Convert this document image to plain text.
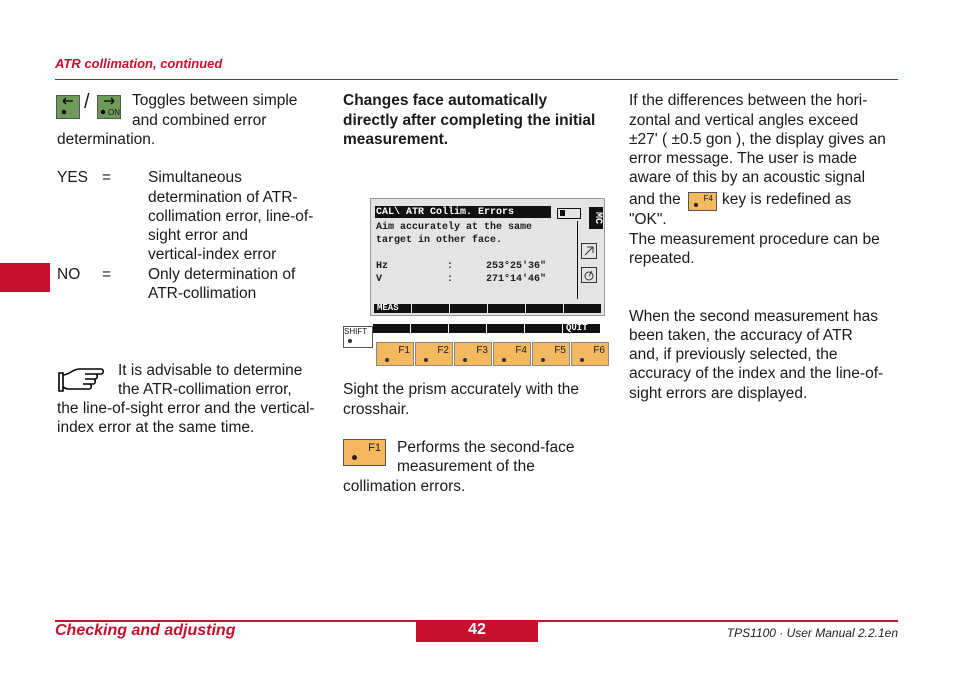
ATR collimation, continued
/ ON
Toggles between simple
and combined error
determination.
YES = Simultaneous
determination of ATR-
collimation error, line-of-
sight error and
vertical-index error
NO = Only determination of
ATR-collimation
It is advisable to determine
the ATR-collimation error,
the line-of-sight error and the vertical-
index error at the same time.
Changes face automatically
directly after completing the initial
measurement.
CAL\ ATR Collim. Errors	MC
Aim accurately at the same
target in other face.
Hz	:	253°25'36"
V	:	271°14'46"
MEAS
QUIT
SHIFT
F1	F2	F3	F4	F5	F6
Sight the prism accurately with the
crosshair.
F1 Performs the second-face
measurement of the
collimation errors.
If the differences between the hori-
zontal and vertical angles exceed
±27' ( ±0.5 gon ), the display gives an
error message. The user is made
aware of this by an acoustic signal
and the	F4 key is redefined as
"OK".
The measurement procedure can be
repeated.
When the second measurement has
been taken, the accuracy of ATR
and, if previously selected, the
accuracy of the index and the line-of-
sight errors are displayed.
Checking and adjusting	42	TPS1100 · User Manual 2.2.1en
